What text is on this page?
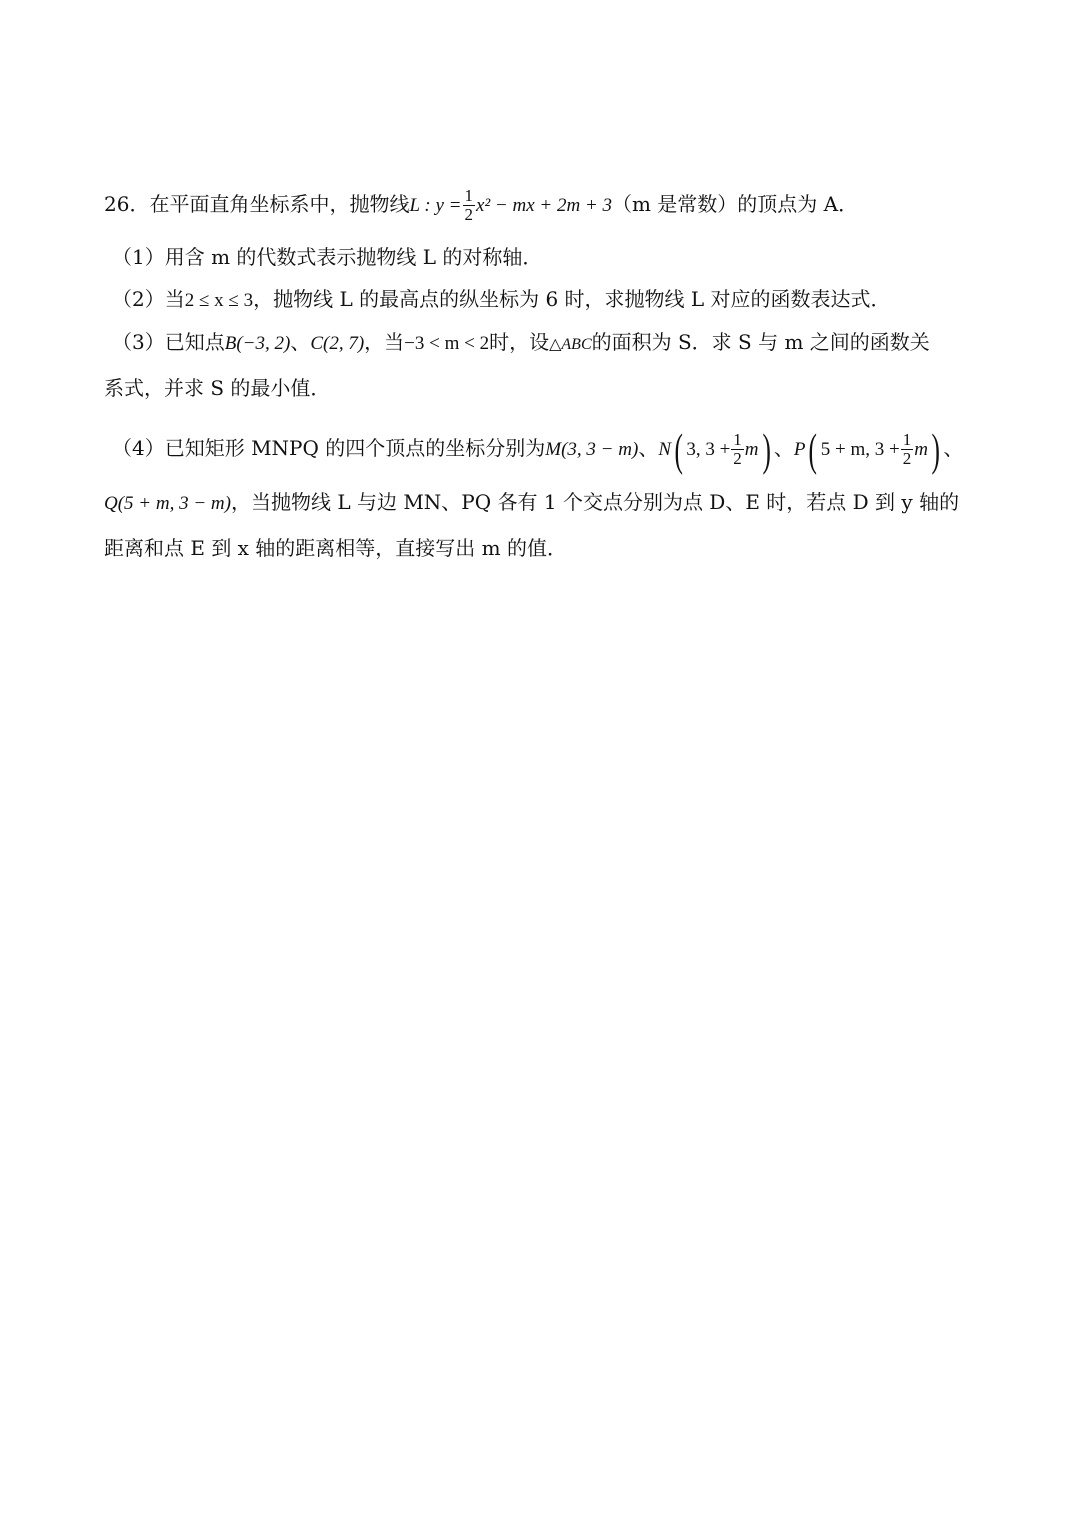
26．在平面直角坐标系中，抛物线L : $y = \frac{1}{2} x^2$ − mx + 2m + 3（m 是常数）的顶点为 A．
（1）用含 m 的代数式表示抛物线 L 的对称轴．
（2）当2 ≤ x ≤ 3，抛物线 L 的最高点的纵坐标为 6 时，求抛物线 L 对应的函数表达式．
（3）已知点B(−3, 2)、C(2, 7)，当−3 < m < 2时，设△ABC的面积为 S．求 S 与 m 之间的函数关
系式，并求 S 的最小值．
（4）已知矩形 MNPQ 的四个顶点的坐标分别为M(3, 3 − m)、N( 3, $3 + \frac{1}{2} m$) 、P( 5 + m, $3 + \frac{1}{2} m$) 、
Q(5 + m, 3 − m)，当抛物线 L 与边 MN、PQ 各有 1 个交点分别为点 D、E 时，若点 D 到 y 轴的
距离和点 E 到 x 轴的距离相等，直接写出 m 的值．
